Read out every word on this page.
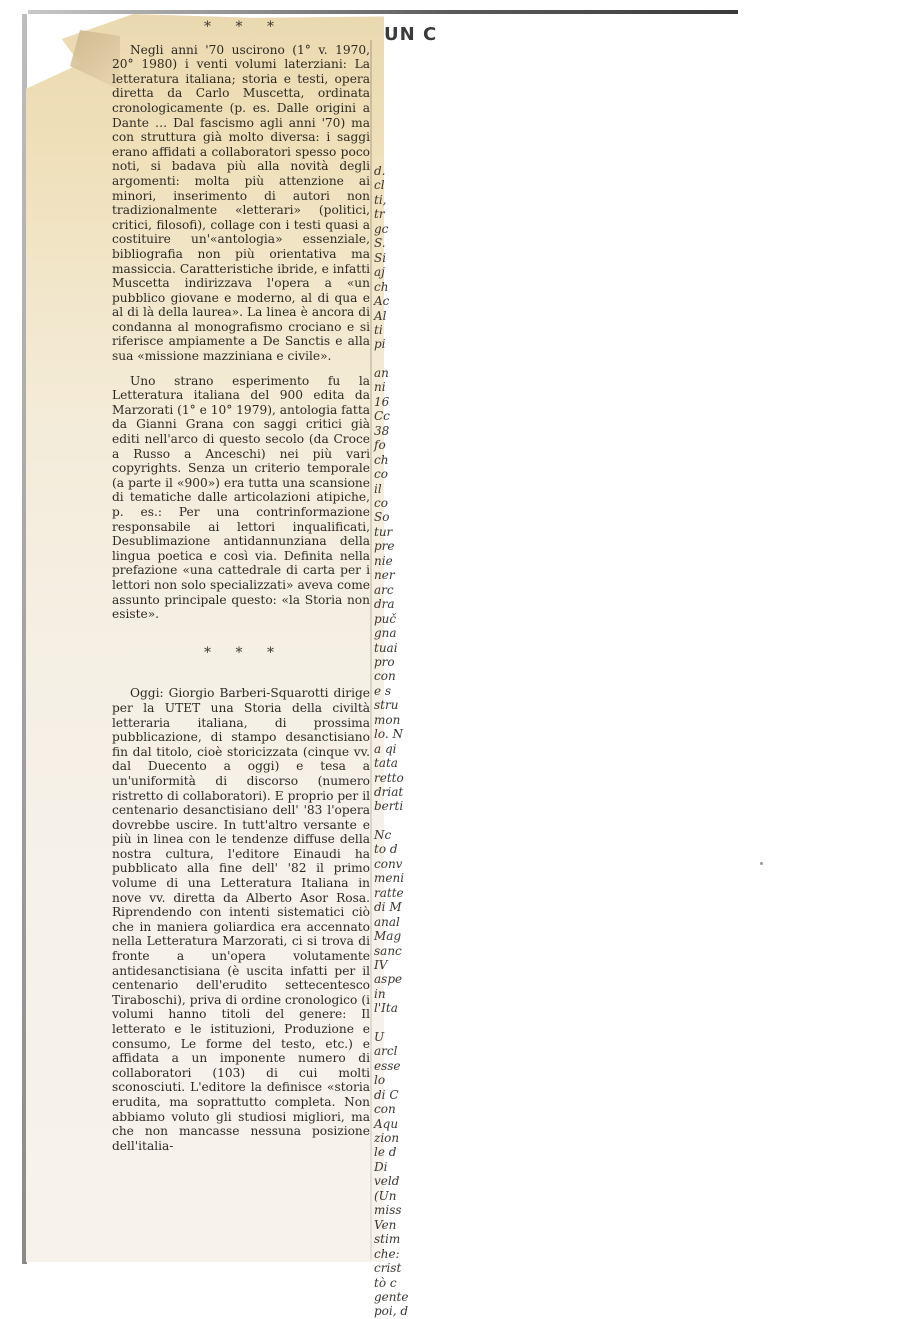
UN C
* * *

Negli anni '70 uscirono (1° v. 1970, 20° 1980) i venti volumi laterziani: La letteratura italiana; storia e testi, opera diretta da Carlo Muscetta, ordinata cronologicamente (p. es. Dalle origini a Dante … Dal fascismo agli anni '70) ma con struttura già molto diversa: i saggi erano affidati a collaboratori spesso poco noti, si badava più alla novità degli argomenti: molta più attenzione ai minori, inserimento di autori non tradizionalmente «letterari» (politici, critici, filosofi), collage con i testi quasi a costituire un'«antologia» essenziale, bibliografia non più orientativa ma massiccia. Caratteristiche ibride, e infatti Muscetta indirizzava l'opera a «un pubblico giovane e moderno, al di qua e al di là della laurea». La linea è ancora di condanna al monografismo crociano e si riferisce ampiamente a De Sanctis e alla sua «missione mazziniana e civile».

Uno strano esperimento fu la Letteratura italiana del 900 edita da Marzorati (1° e 10° 1979), antologia fatta da Gianni Grana con saggi critici già editi nell'arco di questo secolo (da Croce a Russo a Anceschi) nei più vari copyrights. Senza un criterio temporale (a parte il «900») era tutta una scansione di tematiche dalle articolazioni atipiche, p. es.: Per una contrinformazione responsabile ai lettori inqualificati, Desublimazione antidannunziana della lingua poetica e così via. Definita nella prefazione «una cattedrale di carta per i lettori non solo specializzati» aveva come assunto principale questo: «la Storia non esiste».

* * *

Oggi: Giorgio Barberi-Squarotti dirige per la UTET una Storia della civiltà letteraria italiana, di prossima pubblicazione, di stampo desanctisiano fin dal titolo, cioè storicizzata (cinque vv. dal Duecento a oggi) e tesa a un'uniformità di discorso (numero ristretto di collaboratori). E proprio per il centenario desanctisiano dell' '83 l'opera dovrebbe uscire. In tutt'altro versante e più in linea con le tendenze diffuse della nostra cultura, l'editore Einaudi ha pubblicato alla fine dell' '82 il primo volume di una Letteratura Italiana in nove vv. diretta da Alberto Asor Rosa. Riprendendo con intenti sistematici ciò che in maniera goliardica era accennato nella Letteratura Marzorati, ci si trova di fronte a un'opera volutamente antidesanctisiana (è uscita infatti per il centenario dell'erudito settecentesco Tiraboschi), priva di ordine cronologico (i volumi hanno titoli del genere: Il letterato e le istituzioni, Produzione e consumo, Le forme del testo, etc.) e affidata a un imponente numero di collaboratori (103) di cui molti sconosciuti. L'editore la definisce «storia erudita, ma soprattutto completa. Non abbiamo voluto gli studiosi migliori, ma che non mancasse nessuna posizione dell'italia-

d.
cl
ti,
tr
gc
S.
Si
aj
ch
Ac
Al
ti
pi
an
ni
16
Cc
38
fo
ch
co
il
co
So
tur
pre
nie
ner
arc
dra
puč
gna
tuai
pro
con
e s
stru
mon
lo. N
a qi
tata
retto
driat
berti
Nc
to d
conv
meni
ratte
di M
anal
Mag
sanc
IV
aspe
in
l'Ita
U
arcl
esse
lo
di C
con
Aqu
zion
le d
Di
veld
(Un
miss
Ven
stim
che:
crist
tò c
gente
poi, d
